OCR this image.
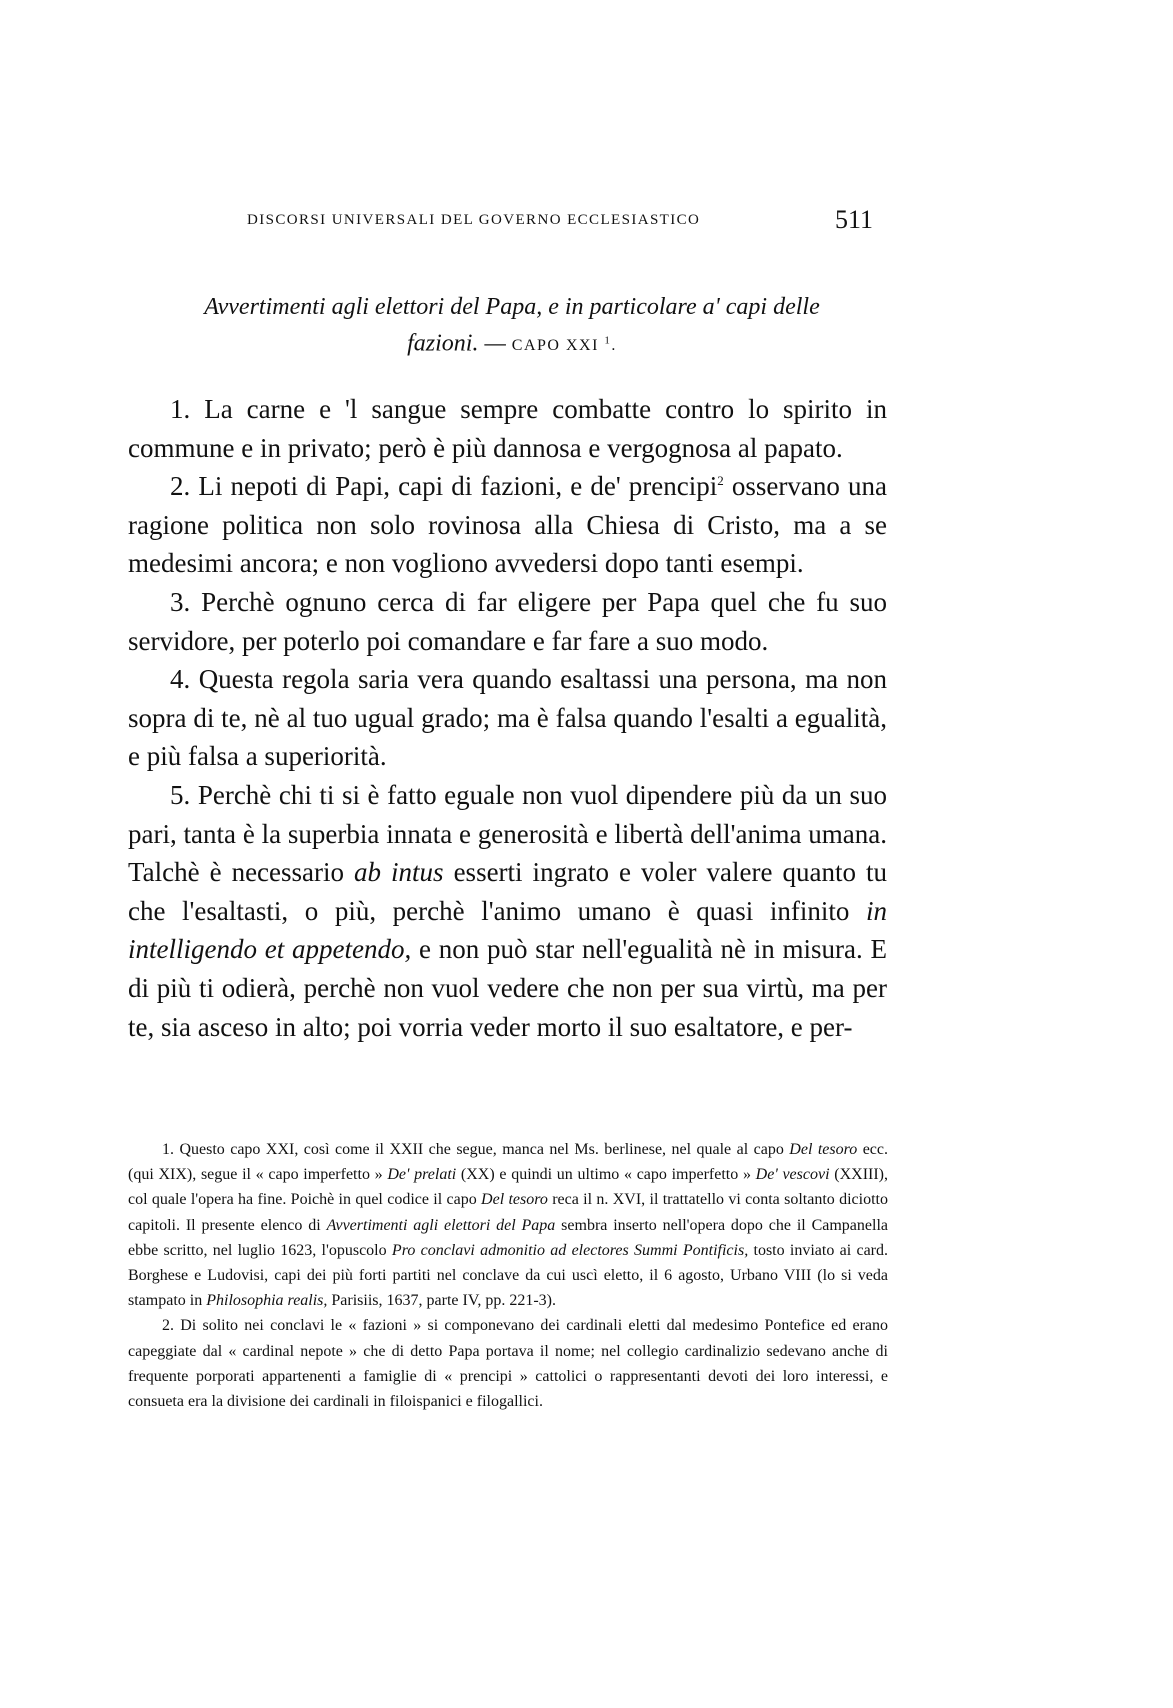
DISCORSI UNIVERSALI DEL GOVERNO ECCLESIASTICO	511
Avvertimenti agli elettori del Papa, e in particolare a' capi delle
fazioni. — CAPO XXI $^1$.

1. La carne e 'l sangue sempre combatte contro lo spirito in commune e in privato; però è più dannosa e vergognosa al papato.

2. Li nepoti di Papi, capi di fazioni, e de' prencipi$^2$ osservano una ragione politica non solo rovinosa alla Chiesa di Cristo, ma a se medesimi ancora; e non vogliono avvedersi dopo tanti esempi.

3. Perchè ognuno cerca di far eligere per Papa quel che fu suo servidore, per poterlo poi comandare e far fare a suo modo.

4. Questa regola saria vera quando esaltassi una persona, ma non sopra di te, nè al tuo ugual grado; ma è falsa quando l'esalti a egualità, e più falsa a superiorità.

5. Perchè chi ti si è fatto eguale non vuol dipendere più da un suo pari, tanta è la superbia innata e generosità e libertà dell'anima umana. Talchè è necessario ab intus esserti ingrato e voler valere quanto tu che l'esaltasti, o più, perchè l'animo umano è quasi infinito in intelligendo et appetendo, e non può star nell'egualità nè in misura. E di più ti odierà, perchè non vuol vedere che non per sua virtù, ma per te, sia asceso in alto; poi vorria veder morto il suo esaltatore, e per-

1. Questo capo XXI, così come il XXII che segue, manca nel Ms. berlinese, nel quale al capo Del tesoro ecc. (qui XIX), segue il « capo imperfetto » De' prelati (XX) e quindi un ultimo « capo imperfetto » De' vescovi (XXIII), col quale l'opera ha fine. Poichè in quel codice il capo Del tesoro reca il n. XVI, il trattatello vi conta soltanto diciotto capitoli. Il presente elenco di Avvertimenti agli elettori del Papa sembra inserto nell'opera dopo che il Campanella ebbe scritto, nel luglio 1623, l'opuscolo Pro conclavi admonitio ad electores Summi Pontificis, tosto inviato ai card. Borghese e Ludovisi, capi dei più forti partiti nel conclave da cui uscì eletto, il 6 agosto, Urbano VIII (lo si veda stampato in Philosophia realis, Parisiis, 1637, parte IV, pp. 221-3).

2. Di solito nei conclavi le « fazioni » si componevano dei cardinali eletti dal medesimo Pontefice ed erano capeggiate dal « cardinal nepote » che di detto Papa portava il nome; nel collegio cardinalizio sedevano anche di frequente porporati appartenenti a famiglie di « prencipi » cattolici o rappresentanti devoti dei loro interessi, e consueta era la divisione dei cardinali in filoispanici e filogallici.
